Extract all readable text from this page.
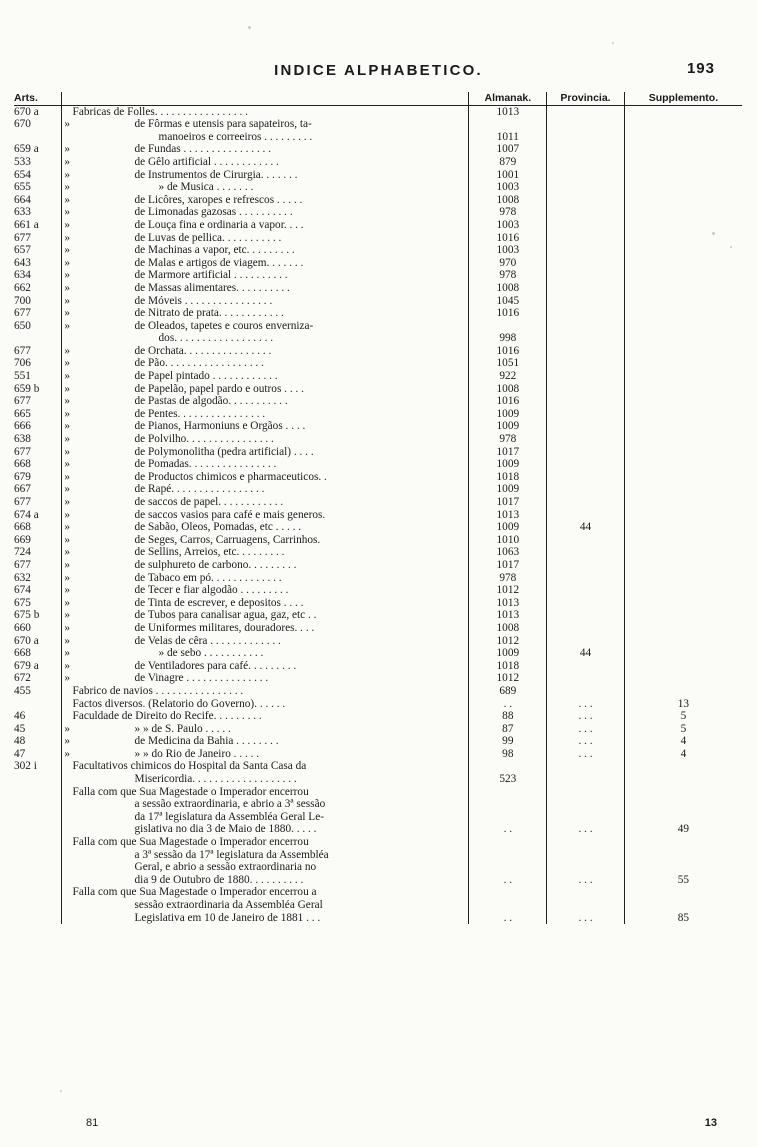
INDICE ALPHABETICO.	193
Arts.			Almanak.	Provincia.	Supplemento.
670 a		Fabricas de Folles. . . . . . . . . . . . . . . . .	1013		
670	»	de Fôrmas e utensis para sapateiros, ta-			
		manoeiros e correeiros . . . . . . . . .	1011		
659 a	»	de Fundas . . . . . . . . . . . . . . . .	1007		
533	»	de Gêlo artificial . . . . . . . . . . . .	879		
654	»	de Instrumentos de Cirurgia. . . . . . .	1001		
655	»	» de Musica . . . . . . .	1003		
664	»	de Licôres, xaropes e refrescos . . . . .	1008		
633	»	de Limonadas gazosas . . . . . . . . . .	978		
661 a	»	de Louça fina e ordinaria a vapor. . . .	1003		
677	»	de Luvas de pellica. . . . . . . . . . .	1016		
657	»	de Machinas a vapor, etc. . . . . . . . .	1003		
643	»	de Malas e artigos de viagem. . . . . . .	970		
634	»	de Marmore artificial . . . . . . . . . .	978		
662	»	de Massas alimentares. . . . . . . . . .	1008		
700	»	de Móveis . . . . . . . . . . . . . . . .	1045		
677	»	de Nitrato de prata. . . . . . . . . . . .	1016		
650	»	de Oleados, tapetes e couros enverniza-			
		dos. . . . . . . . . . . . . . . . . .	998		
677	»	de Orchata. . . . . . . . . . . . . . . .	1016		
706	»	de Pão. . . . . . . . . . . . . . . . . .	1051		
551	»	de Papel pintado . . . . . . . . . . . .	922		
659 b	»	de Papelão, papel pardo e outros . . . .	1008		
677	»	de Pastas de algodão. . . . . . . . . . .	1016		
665	»	de Pentes. . . . . . . . . . . . . . . .	1009		
666	»	de Pianos, Harmoniuns e Orgãos . . . .	1009		
638	»	de Polvilho. . . . . . . . . . . . . . . .	978		
677	»	de Polymonolitha (pedra artificial) . . . .	1017		
668	»	de Pomadas. . . . . . . . . . . . . . . .	1009		
679	»	de Productos chimicos e pharmaceuticos. .	1018		
667	»	de Rapé. . . . . . . . . . . . . . . . .	1009		
677	»	de saccos de papel. . . . . . . . . . . .	1017		
674 a	»	de saccos vasios para café e mais generos.	1013		
668	»	de Sabão, Oleos, Pomadas, etc . . . . .	1009	44	
669	»	de Seges, Carros, Carruagens, Carrinhos.	1010		
724	»	de Sellins, Arreios, etc. . . . . . . . .	1063		
677	»	de sulphureto de carbono. . . . . . . . .	1017		
632	»	de Tabaco em pó. . . . . . . . . . . . .	978		
674	»	de Tecer e fiar algodão . . . . . . . . .	1012		
675	»	de Tinta de escrever, e depositos . . . .	1013		
675 b	»	de Tubos para canalisar agua, gaz, etc . .	1013		
660	»	de Uniformes militares, douradores. . . .	1008		
670 a	»	de Velas de cêra . . . . . . . . . . . . .	1012		
668	»	» de sebo . . . . . . . . . . .	1009	44	
679 a	»	de Ventiladores para café. . . . . . . . .	1018		
672	»	de Vinagre . . . . . . . . . . . . . . .	1012		
455		Fabrico de navios . . . . . . . . . . . . . . . .	689		
		Factos diversos. (Relatorio do Governo). . . . . .	. .	. . .	13
46		Faculdade de Direito do Recife. . . . . . . . .	88	. . .	5
45	»	» » de S. Paulo . . . . .	87	. . .	5
48	»	de Medicina da Bahia . . . . . . . .	99	. . .	4
47	»	» » do Rio de Janeiro . . . . .	98	. . .	4
302 i		Facultativos chimicos do Hospital da Santa Casa da			
		Misericordia. . . . . . . . . . . . . . . . . . .	523		
		Falla com que Sua Magestade o Imperador encerrou			
		a sessão extraordinaria, e abrio a 3ª sessão			
		da 17ª legislatura da Assembléa Geral Le-			
		gislativa no dia 3 de Maio de 1880. . . . .	. .	. . .	49
		Falla com que Sua Magestade o Imperador encerrou			
		a 3ª sessão da 17ª legislatura da Assembléa			
		Geral, e abrio a sessão extraordinaria no			
		dia 9 de Outubro de 1880. . . . . . . . . .	. .	. . .	55
		Falla com que Sua Magestade o Imperador encerrou a			
		sessão extraordinaria da Assembléa Geral			
		Legislativa em 10 de Janeiro de 1881 . . .	. .	. . .	85
81	13
